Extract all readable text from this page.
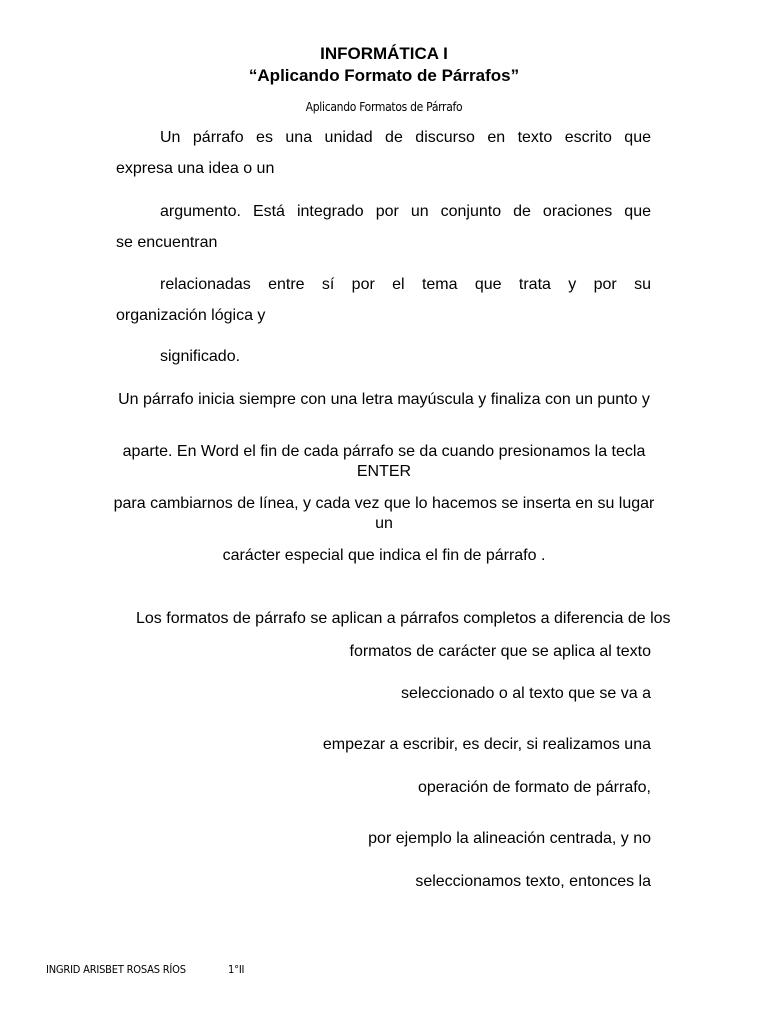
INFORMÁTICA I
“Aplicando Formato de Párrafos”
Aplicando Formatos de Párrafo
Un párrafo es una unidad de discurso en texto escrito que
expresa una idea o un
argumento. Está integrado por un conjunto de oraciones que
se encuentran
relacionadas entre sí por el tema que trata y por su
organización lógica y
significado.
Un párrafo inicia siempre con una letra mayúscula y finaliza con un punto y
aparte. En Word el fin de cada párrafo se da cuando presionamos la tecla ENTER
para cambiarnos de línea, y cada vez que lo hacemos se inserta en su lugar un
carácter especial que indica el fin de párrafo .
Los formatos de párrafo se aplican a párrafos completos a diferencia de los
formatos de carácter que se aplica al texto
seleccionado o al texto que se va a
empezar a escribir, es decir, si realizamos una
operación de formato de párrafo,
por ejemplo la alineación centrada, y no
seleccionamos texto, entonces la
INGRID ARISBET ROSAS RÍOS	1°II
